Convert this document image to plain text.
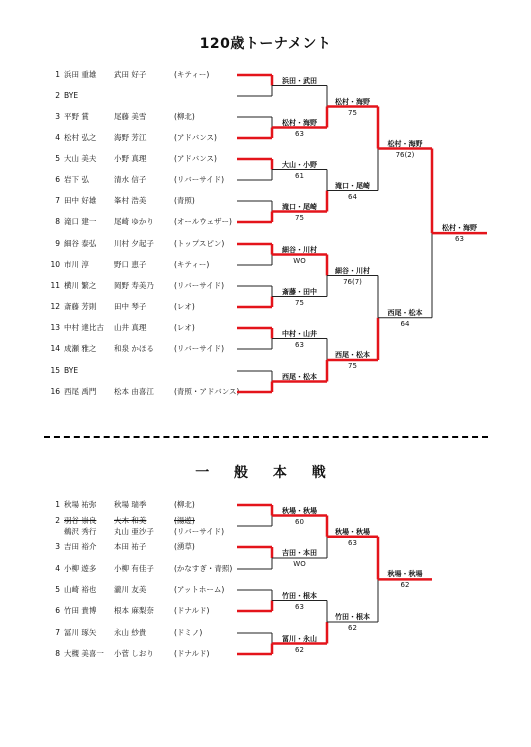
120歳トーナメント
一 般 本 戦
1 浜田 重雄 武田 好子	(キティー)
2 BYE
3 平野 賞	尾藤 美雪	(柳北)
4 松村 弘之 海野 芳江	(アドバンス)
5 大山 美夫 小野 真理	(アドバンス)
6 岩下 弘	清水 信子	(リバーサイド)
7 田中 好雄 峯村 浩美	(青照)
8 滝口 建一 尾崎 ゆかり	(オールウェザー)
9 細谷 泰弘 川村 夕起子	(トップスピン)
10 市川 淳	野口 恵子	(キティー)
11 横川 繁之 岡野 寿美乃	(リバーサイド)
12 斎藤 芳則 田中 琴子	(レオ)
13 中村 達比古 山井 真理	(レオ)
14 成瀬 雅之 和泉 かほる	(リバーサイド)
15 BYE
16 西尾 禹門 松本 由喜江	(青照・アドバンス)
1 秋場 祐弥 秋場 瑞季	(柳北)
2 羽谷 崇良 大木 和美	(湯遊)
鵜沢 秀行 丸山 亜沙子	(リバーサイド)
3 吉田 裕介 本田 祐子	(湧草)
4 小柳 遊多 小柳 有佳子	(かなすぎ・青照)
5 山崎 裕也 瀧川 友美	(アットホーム)
6 竹田 貴博 根本 麻梨奈	(ドナルド)
7 冨川 琢矢 永山 紗貴	(ドミノ)
8 大槻 美喜一 小菅 しおり	(ドナルド)
浜田・武田
松村・海野
63
大山・小野
61
滝口・尾崎
75
細谷・川村
WO
斎藤・田中
75
中村・山井
63
西尾・松本
松村・海野
75
滝口・尾崎
64
細谷・川村
76(7)
西尾・松本
75
松村・海野
76(2)
西尾・松本
64
松村・海野
63
秋場・秋場
60
吉田・本田
WO
竹田・根本
63
冨川・永山
62
秋場・秋場
63
竹田・根本
62
秋場・秋場
62
